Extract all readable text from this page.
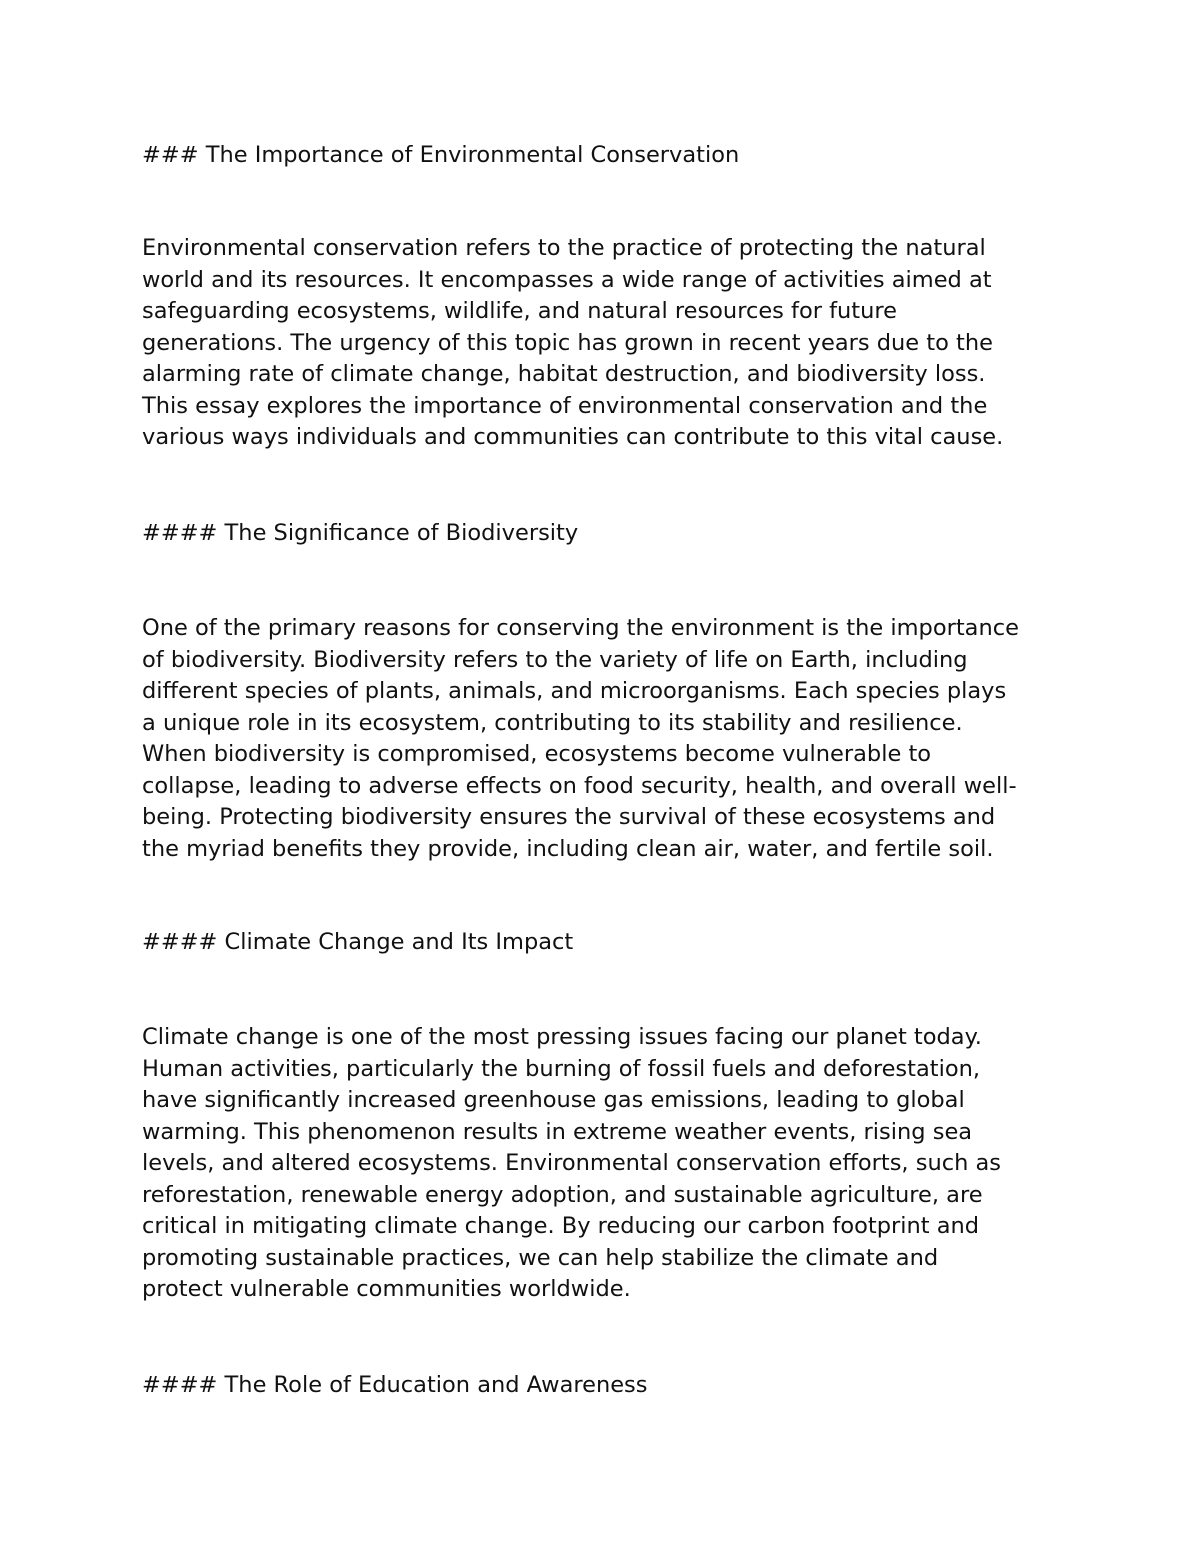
### The Importance of Environmental Conservation

Environmental conservation refers to the practice of protecting the natural
world and its resources. It encompasses a wide range of activities aimed at
safeguarding ecosystems, wildlife, and natural resources for future
generations. The urgency of this topic has grown in recent years due to the
alarming rate of climate change, habitat destruction, and biodiversity loss.
This essay explores the importance of environmental conservation and the
various ways individuals and communities can contribute to this vital cause.

#### The Significance of Biodiversity

One of the primary reasons for conserving the environment is the importance
of biodiversity. Biodiversity refers to the variety of life on Earth, including
different species of plants, animals, and microorganisms. Each species plays
a unique role in its ecosystem, contributing to its stability and resilience.
When biodiversity is compromised, ecosystems become vulnerable to
collapse, leading to adverse effects on food security, health, and overall well-
being. Protecting biodiversity ensures the survival of these ecosystems and
the myriad benefits they provide, including clean air, water, and fertile soil.

#### Climate Change and Its Impact

Climate change is one of the most pressing issues facing our planet today.
Human activities, particularly the burning of fossil fuels and deforestation,
have significantly increased greenhouse gas emissions, leading to global
warming. This phenomenon results in extreme weather events, rising sea
levels, and altered ecosystems. Environmental conservation efforts, such as
reforestation, renewable energy adoption, and sustainable agriculture, are
critical in mitigating climate change. By reducing our carbon footprint and
promoting sustainable practices, we can help stabilize the climate and
protect vulnerable communities worldwide.

#### The Role of Education and Awareness
